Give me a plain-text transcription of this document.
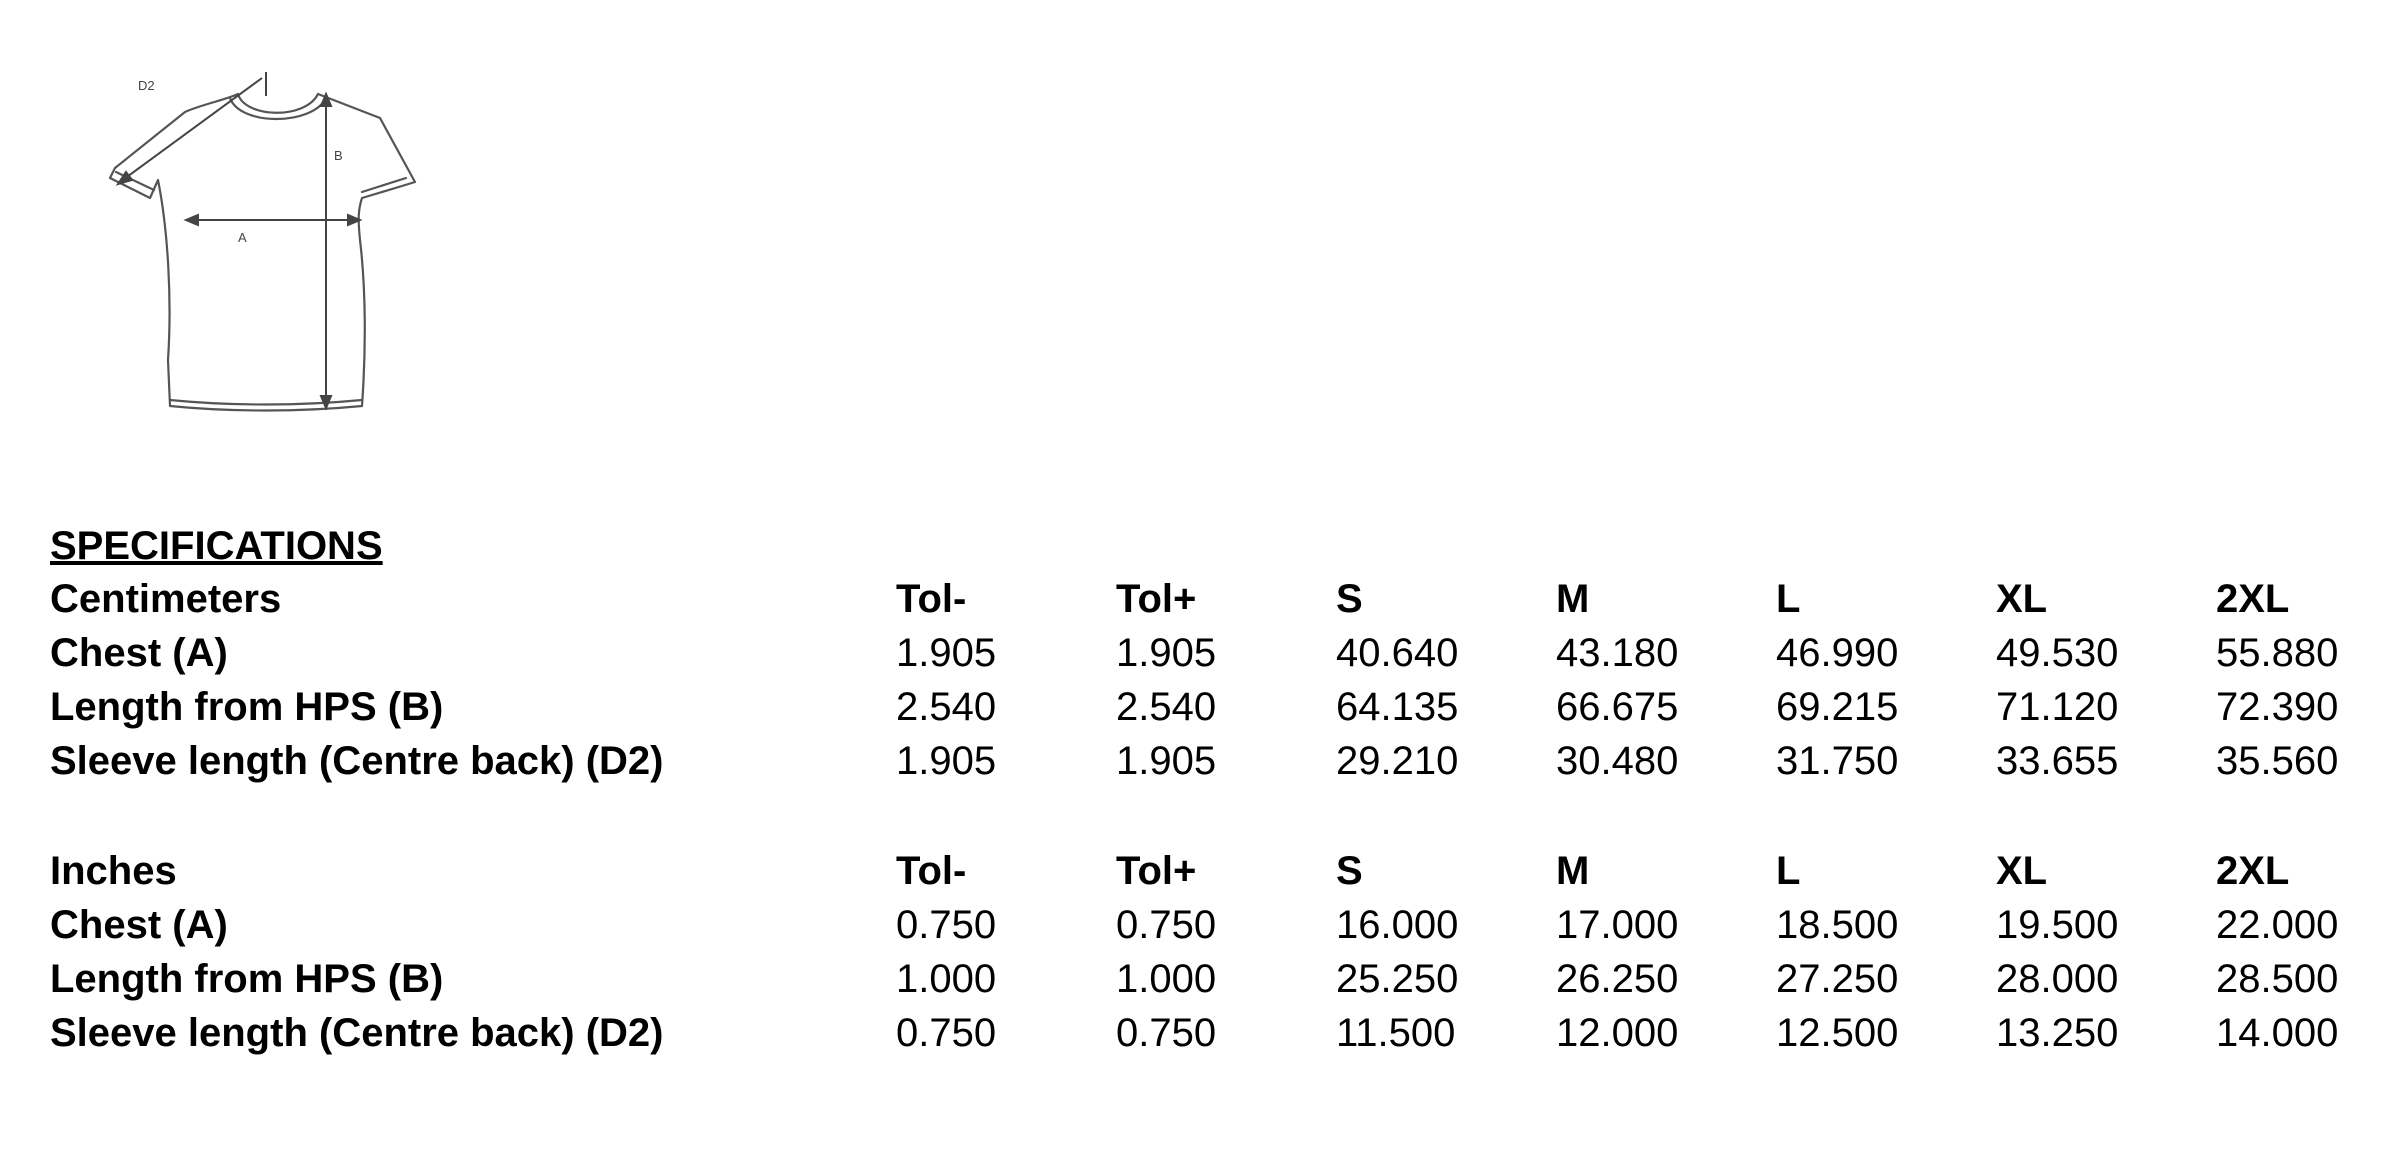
D2
A
B
SPECIFICATIONS
Centimeters	Tol-	Tol+	S	M	L	XL	2XL
Chest (A)	1.905	1.905	40.640 43.180 46.990 49.530 55.880
Length from HPS (B)	2.540	2.540	64.135 66.675 69.215 71.120 72.390
Sleeve length (Centre back) (D2)	1.905	1.905	29.210 30.480 31.750 33.655 35.560
Inches	Tol-	Tol+	S	M	L	XL	2XL
Chest (A)	0.750	0.750	16.000 17.000 18.500 19.500 22.000
Length from HPS (B)	1.000	1.000	25.250 26.250 27.250 28.000 28.500
Sleeve length (Centre back) (D2)	0.750	0.750	11.500	12.000 12.500 13.250 14.000
